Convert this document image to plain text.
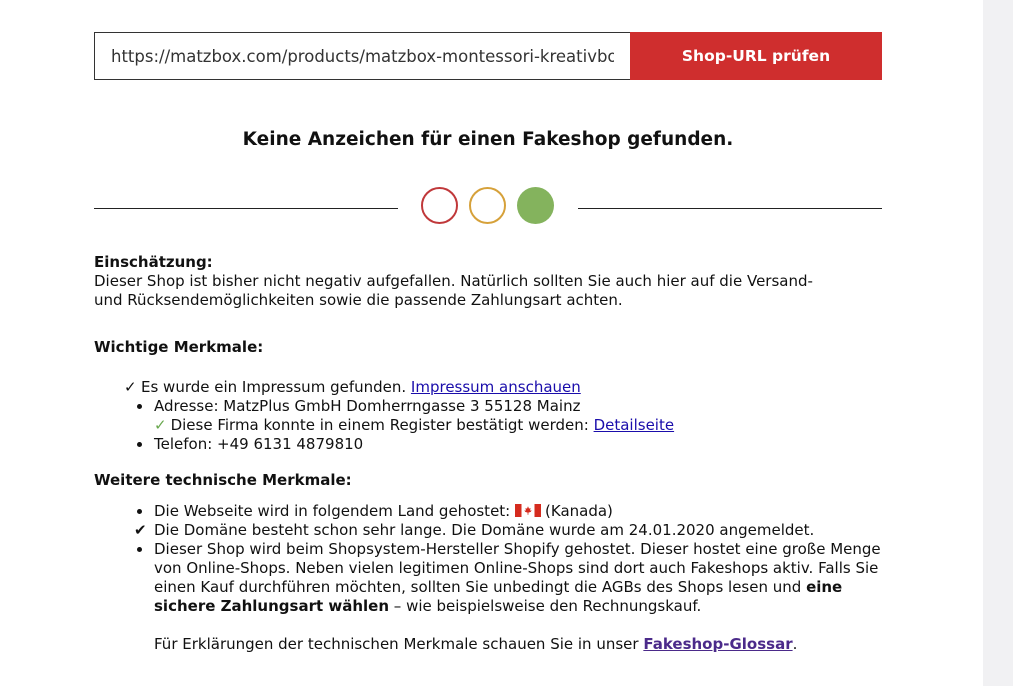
https://matzbox.com/products/matzbox-montessori-kreativbox
Shop-URL prüfen
Keine Anzeichen für einen Fakeshop gefunden.

Einschätzung:

Dieser Shop ist bisher nicht negativ aufgefallen. Natürlich sollten Sie auch hier auf die Versand- und Rücksendemöglichkeiten sowie die passende Zahlungsart achten.

Wichtige Merkmale:

✓ Es wurde ein Impressum gefunden. Impressum anschauen
Adresse: MatzPlus GmbH Domherrngasse 3 55128 Mainz
✓ Diese Firma konnte in einem Register bestätigt werden: Detailseite
Telefon: +49 6131 4879810

Weitere technische Merkmale:

Die Webseite wird in folgendem Land gehostet: (Kanada)
✔ Die Domäne besteht schon sehr lange. Die Domäne wurde am 24.01.2020 angemeldet.
Dieser Shop wird beim Shopsystem-Hersteller Shopify gehostet. Dieser hostet eine große Menge von Online-Shops. Neben vielen legitimen Online-Shops sind dort auch Fakeshops aktiv. Falls Sie einen Kauf durchführen möchten, sollten Sie unbedingt die AGBs des Shops lesen und eine sichere Zahlungsart wählen – wie beispielsweise den Rechnungskauf.

Für Erklärungen der technischen Merkmale schauen Sie in unser Fakeshop-Glossar.
